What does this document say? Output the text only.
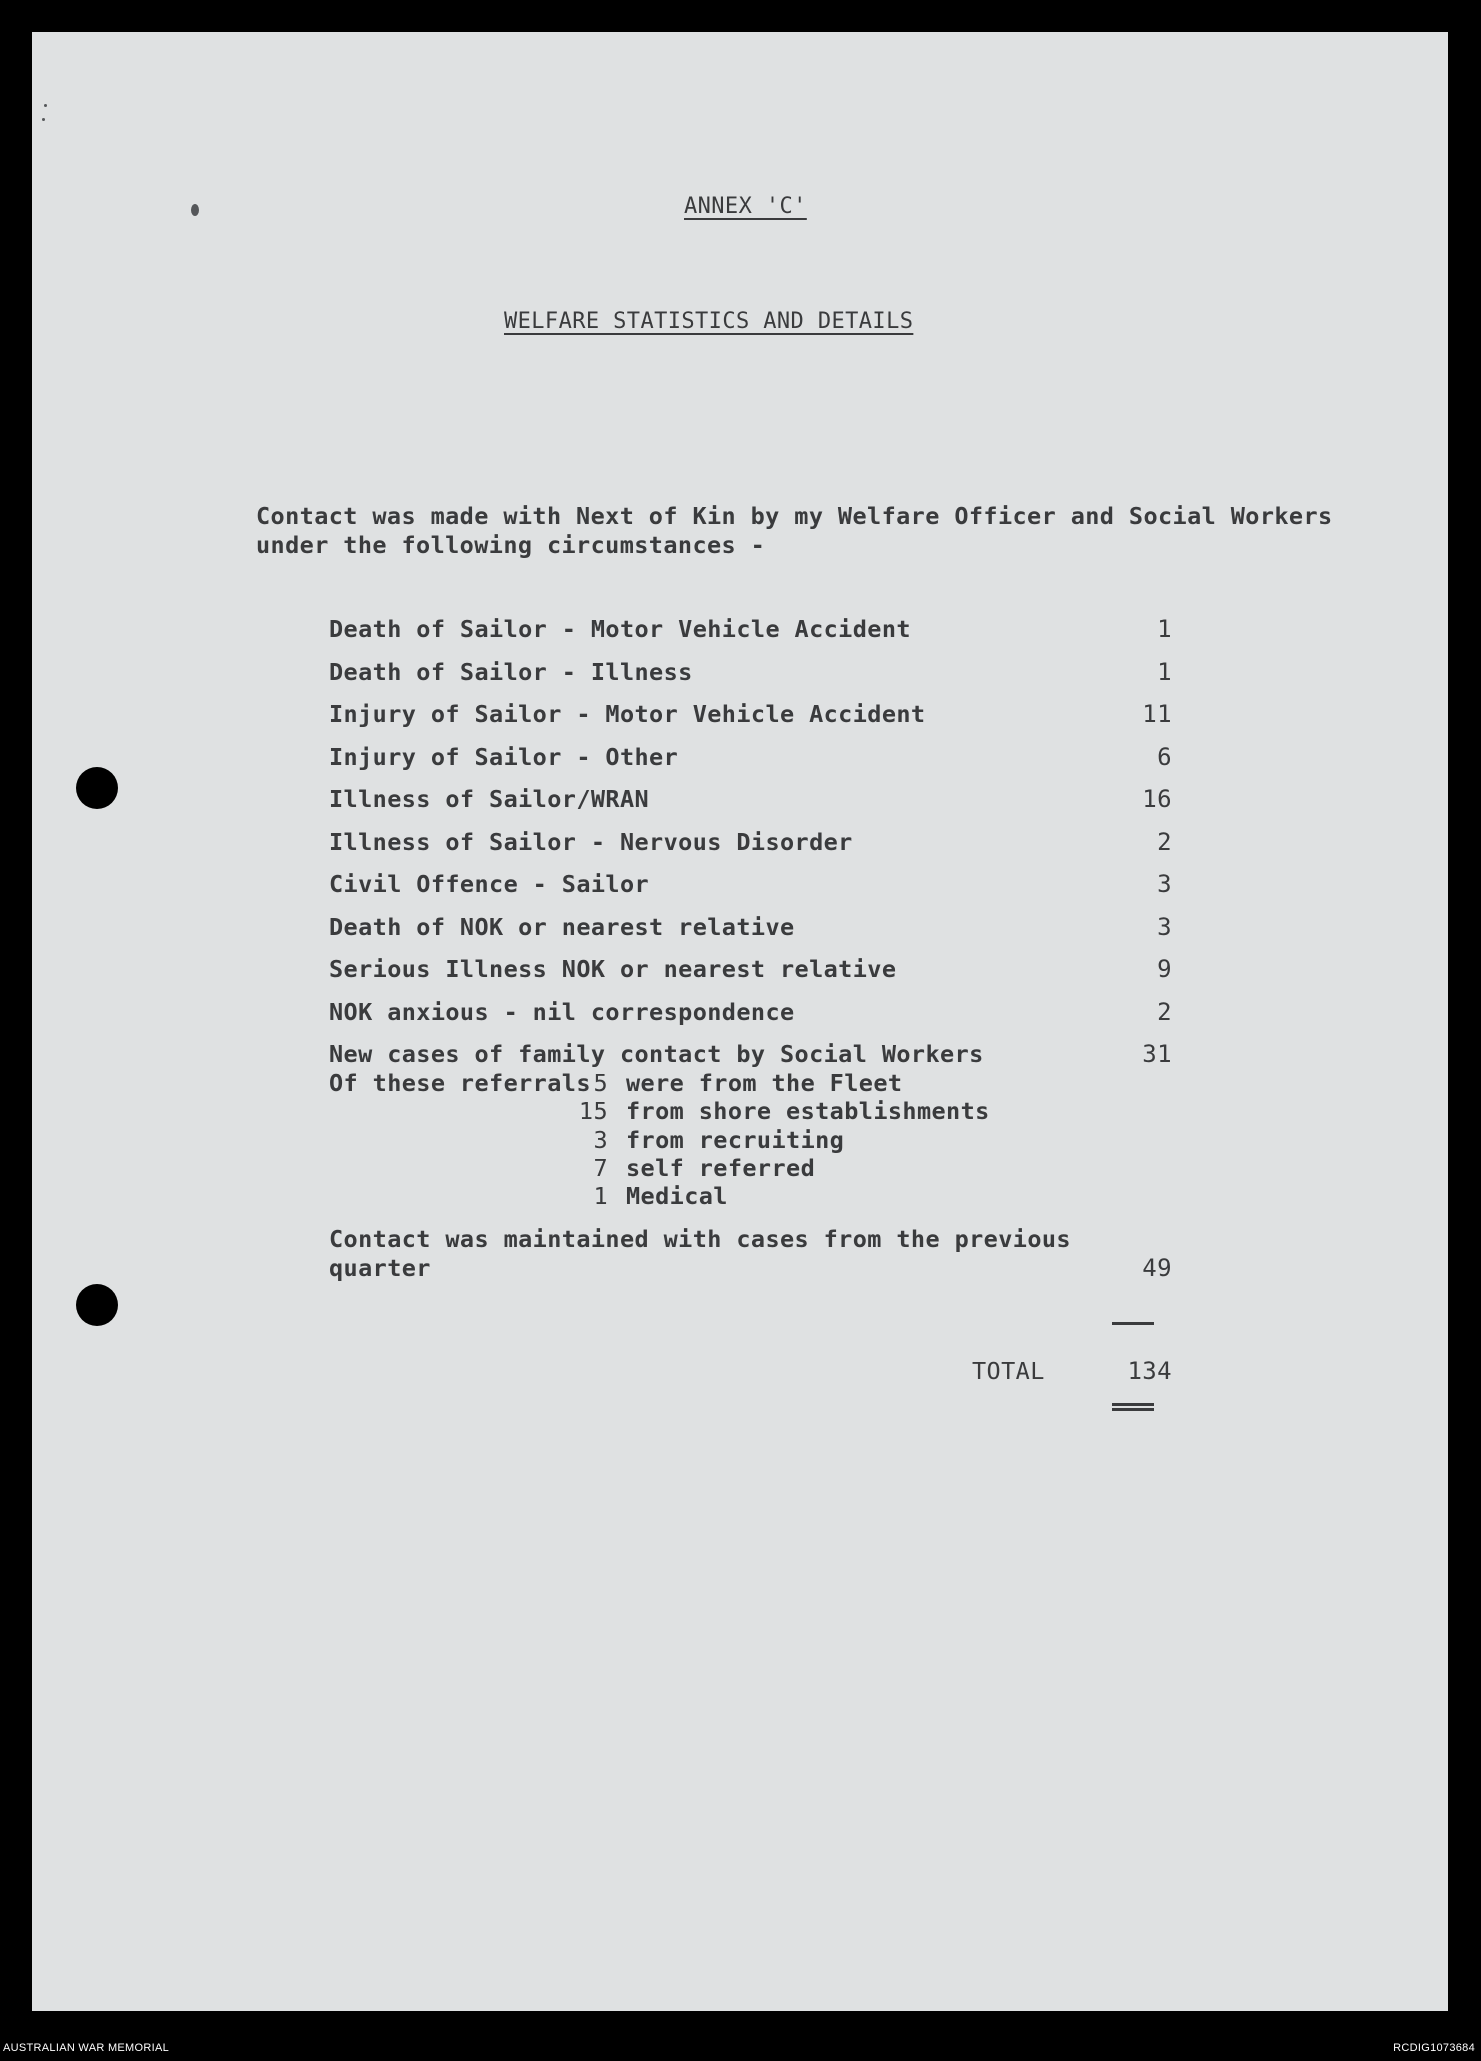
ANNEX 'C'
WELFARE STATISTICS AND DETAILS
Contact was made with Next of Kin by my Welfare Officer and Social Workers
under the following circumstances -
Death of Sailor - Motor Vehicle Accident	1
Death of Sailor - Illness	1
Injury of Sailor - Motor Vehicle Accident	11
Injury of Sailor - Other	6
Illness of Sailor/WRAN	16
Illness of Sailor - Nervous Disorder	2
Civil Offence - Sailor	3
Death of NOK or nearest relative	3
Serious Illness NOK or nearest relative	9
NOK anxious - nil correspondence	2
New cases of family contact by Social Workers	31
Of these referrals 5 were from the Fleet
15 from shore establishments
3 from recruiting
7 self referred
1 Medical
Contact was maintained with cases from the previous
quarter	49
TOTAL	134
AUSTRALIAN WAR MEMORIAL	RCDIG1073684
